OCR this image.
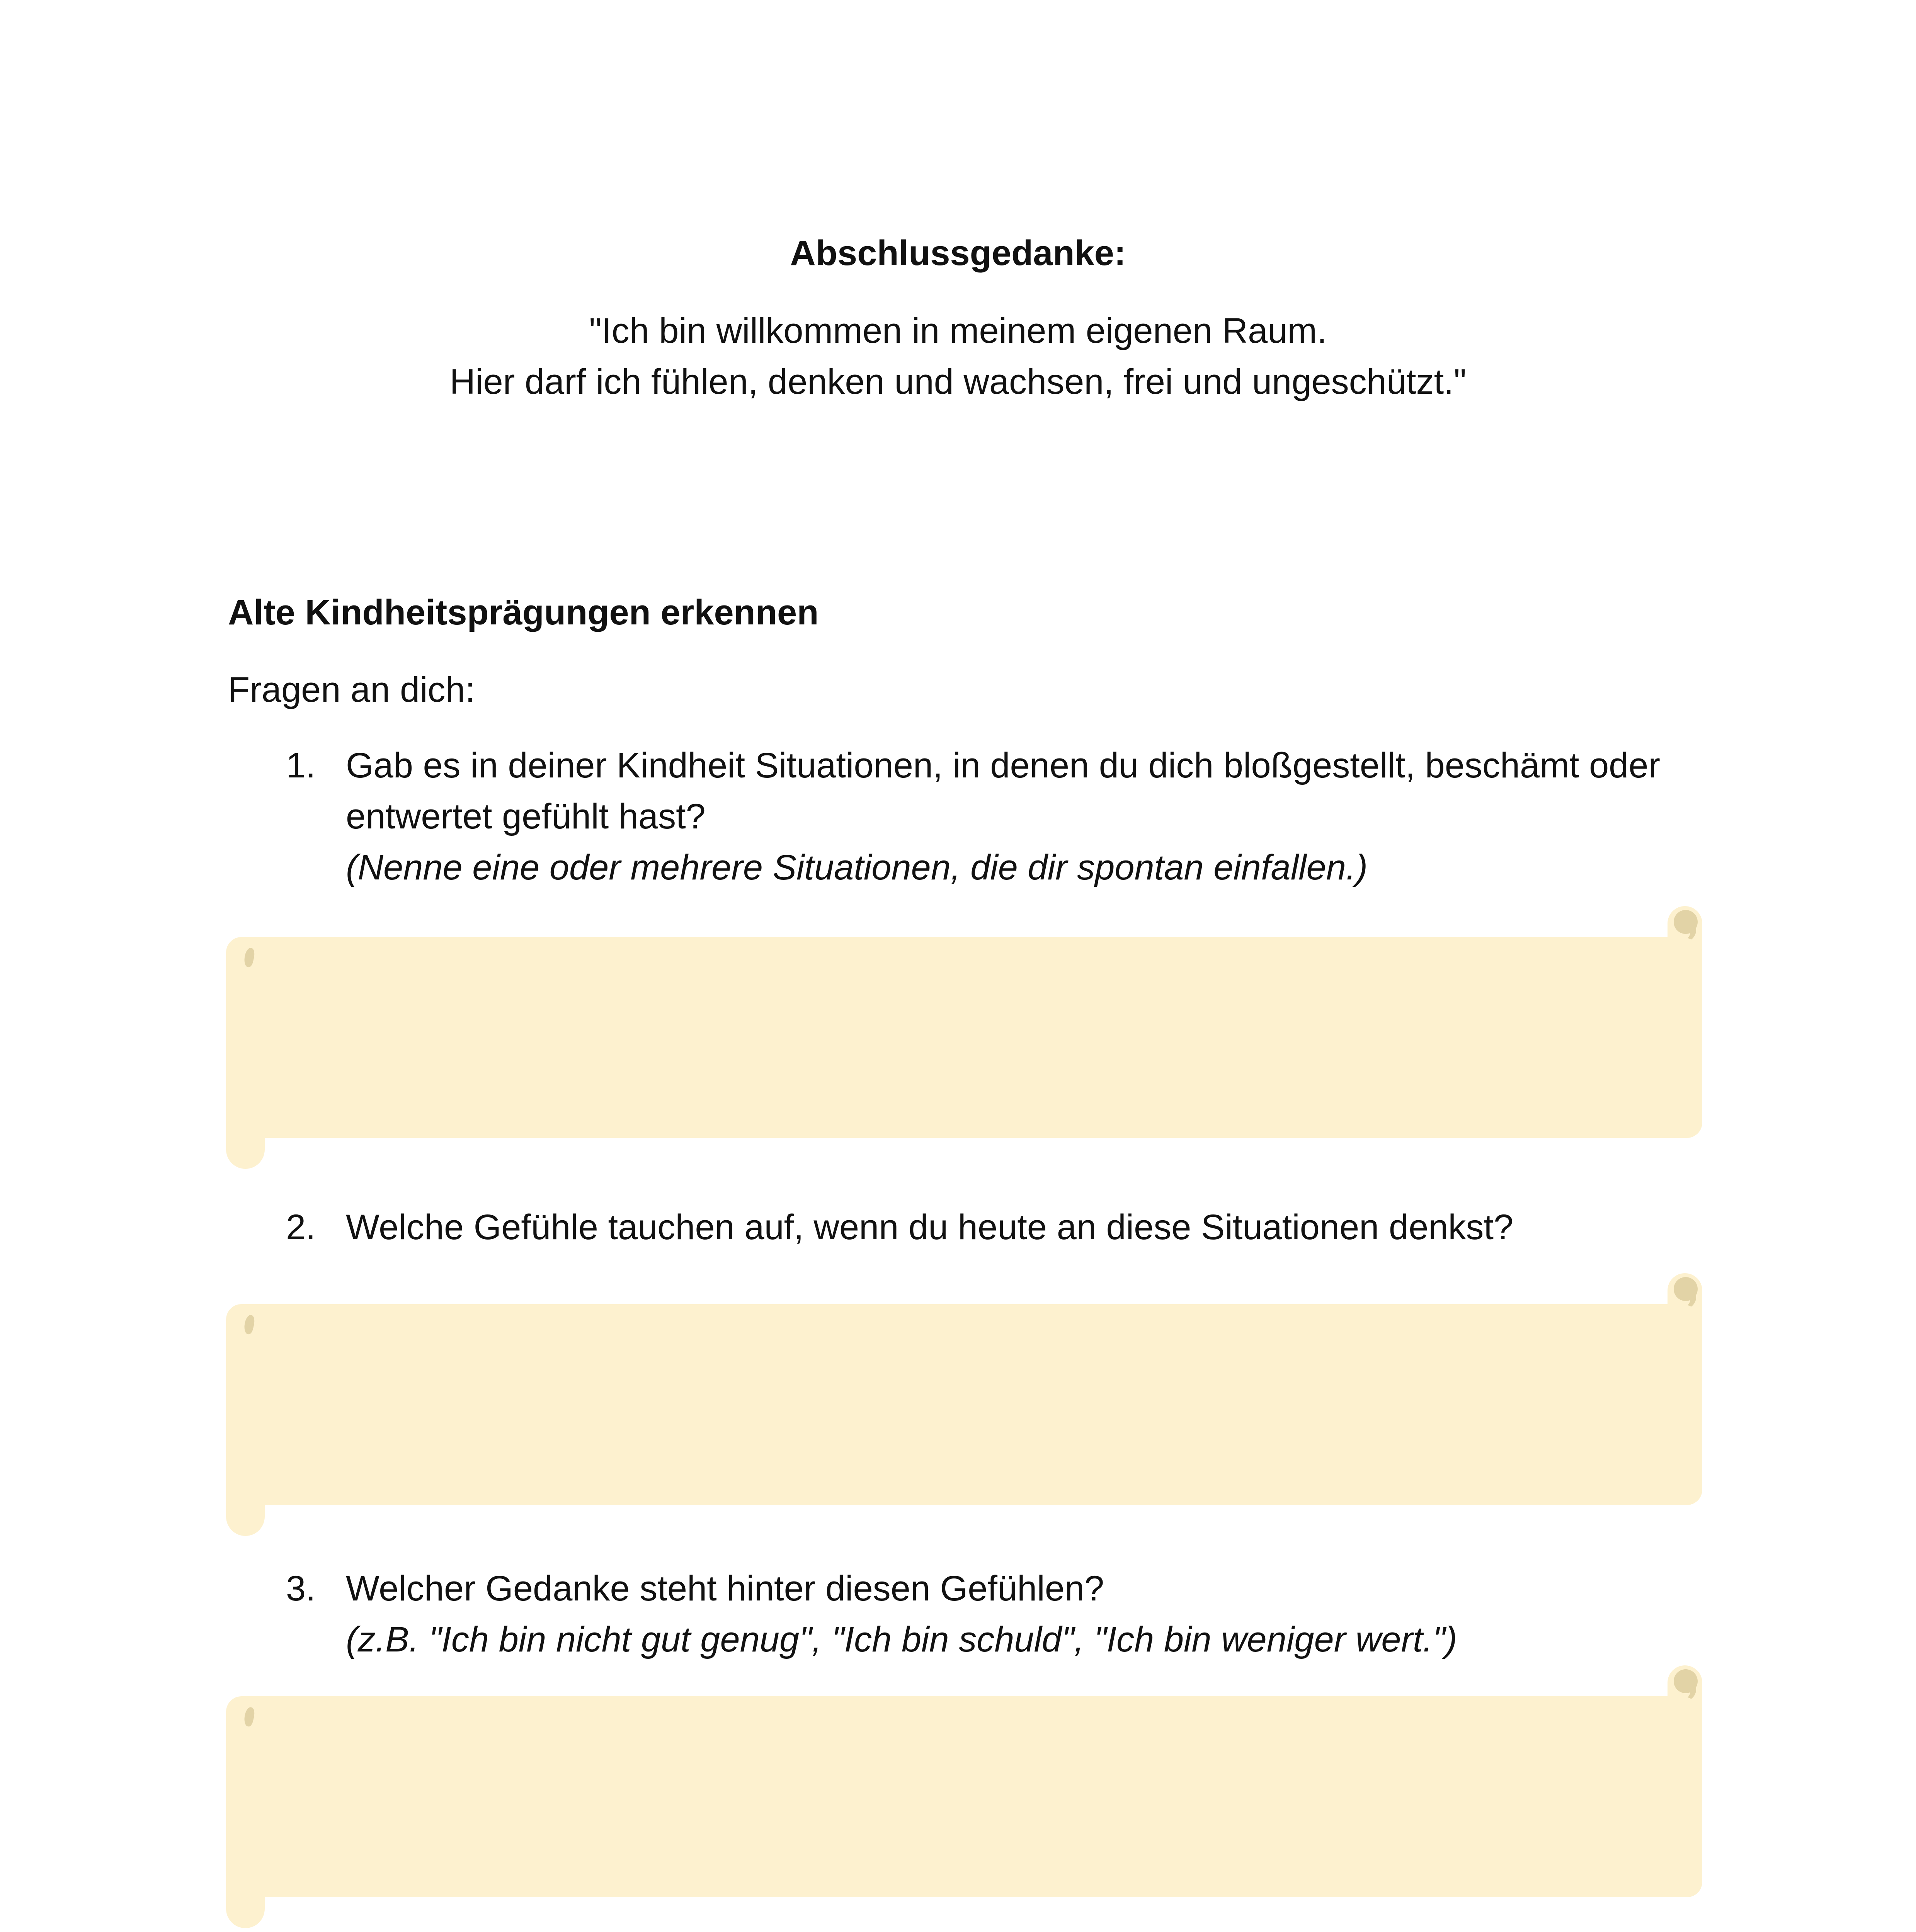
Abschlussgedanke:
"Ich bin willkommen in meinem eigenen Raum.
Hier darf ich fühlen, denken und wachsen, frei und ungeschützt."
Alte Kindheitsprägungen erkennen
Fragen an dich:
1. Gab es in deiner Kindheit Situationen, in denen du dich bloßgestellt, beschämt oder
entwertet gefühlt hast?
(Nenne eine oder mehrere Situationen, die dir spontan einfallen.)
2. Welche Gefühle tauchen auf, wenn du heute an diese Situationen denkst?
3. Welcher Gedanke steht hinter diesen Gefühlen?
(z.B. "Ich bin nicht gut genug", "Ich bin schuld", "Ich bin weniger wert.")
